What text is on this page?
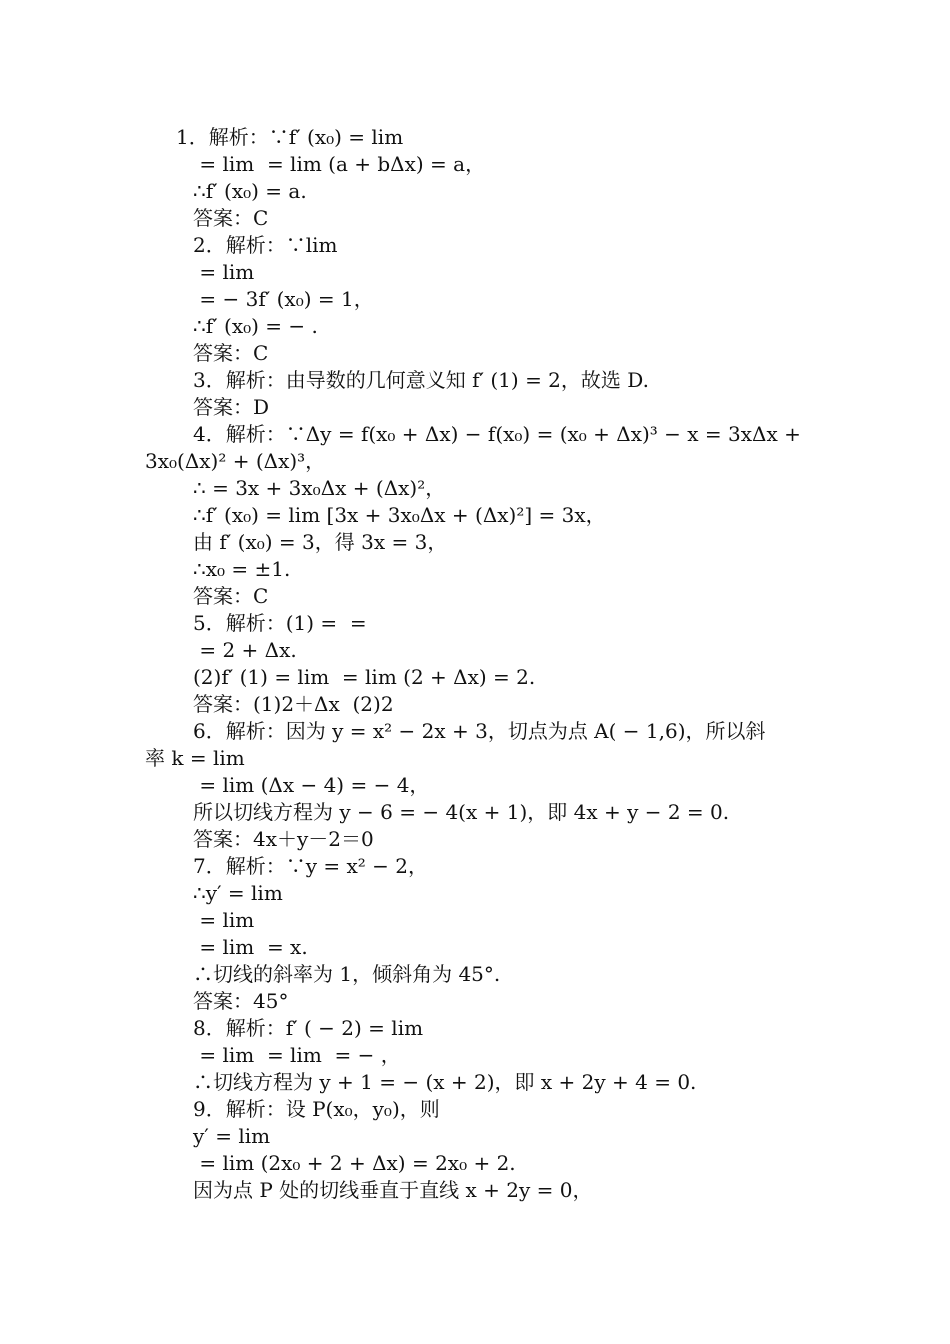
1．解析：∵f′ (x₀) = lim
= lim  = lim (a + bΔx) = a，
∴f′ (x₀) = a.
答案：C
2．解析：∵lim
= lim
= − 3f′ (x₀) = 1，
∴f′ (x₀) = − .
答案：C
3．解析：由导数的几何意义知 f′ (1) = 2，故选 D.
答案：D
4．解析：∵Δy = f(x₀ + Δx) − f(x₀) = (x₀ + Δx)³ − x = 3xΔx +
3x₀(Δx)² + (Δx)³，
∴ = 3x + 3x₀Δx + (Δx)²，
∴f′ (x₀) = lim [3x + 3x₀Δx + (Δx)²] = 3x，
由 f′ (x₀) = 3，得 3x = 3，
∴x₀ = ±1.
答案：C
5．解析：(1) =  =
= 2 + Δx.
(2)f′ (1) = lim  = lim (2 + Δx) = 2.
答案：(1)2＋Δx  (2)2
6．解析：因为 y = x² − 2x + 3，切点为点 A( − 1,6)，所以斜
率 k = lim
= lim (Δx − 4) = − 4，
所以切线方程为 y − 6 = − 4(x + 1)，即 4x + y − 2 = 0.
答案：4x＋y－2＝0
7．解析：∵y = x² − 2，
∴y′ = lim
= lim
= lim  = x.
∴切线的斜率为 1，倾斜角为 45°.
答案：45°
8．解析：f′ ( − 2) = lim
= lim  = lim  = − ，
∴切线方程为 y + 1 = − (x + 2)，即 x + 2y + 4 = 0.
9．解析：设 P(x₀，y₀)，则
y′ = lim
= lim (2x₀ + 2 + Δx) = 2x₀ + 2.
因为点 P 处的切线垂直于直线 x + 2y = 0，
